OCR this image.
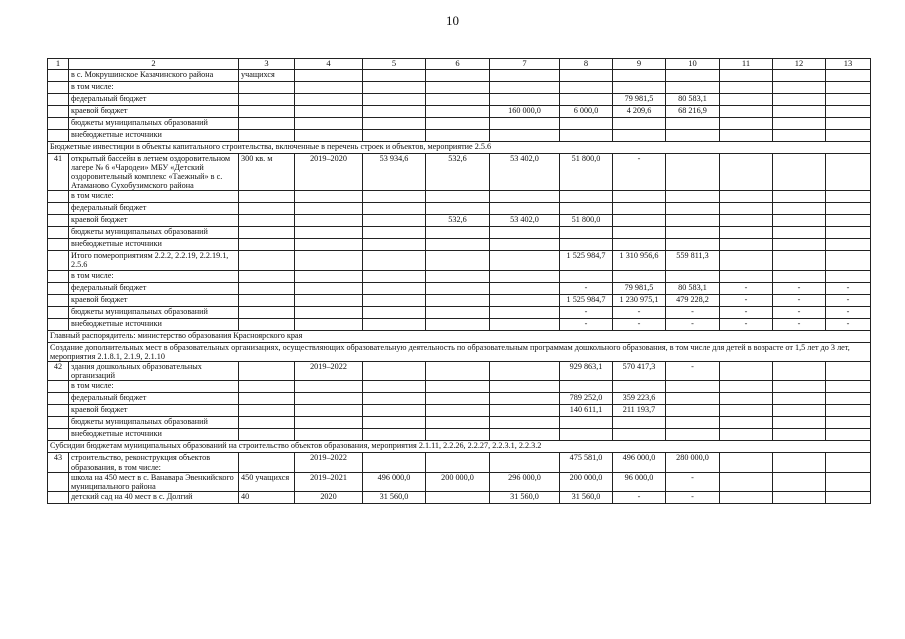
10
1	2	3	4	5	6	7	8	9	10	11	12	13
	в с. Мокрушинское Казачинского района	учащихся										
	в том числе:											
	федеральный бюджет							79 981,5	80 583,1			
	краевой бюджет					160 000,0	6 000,0	4 209,6	68 216,9			
	бюджеты муниципальных образований											
	внебюджетные источники											
Бюджетные инвестиции в объекты капитального строительства, включенные в перечень строек и объектов, мероприятие 2.5.6												
41	открытый бассейн в летнем оздоровительном лагере № 6 «Чародеи» МБУ «Детский оздоровительный комплекс «Таежный» в с. Атаманово Сухобузимского района	300 кв. м	2019–2020	53 934,6	532,6	53 402,0	51 800,0	-				
	в том числе:											
	федеральный бюджет											
	краевой бюджет				532,6	53 402,0	51 800,0					
	бюджеты муниципальных образований											
	внебюджетные источники											
	Итого помероприятиям 2.2.2, 2.2.19, 2.2.19.1, 2.5.6						1 525 984,7	1 310 956,6	559 811,3			
	в том числе:											
	федеральный бюджет						-	79 981,5	80 583,1	-	-	-
	краевой бюджет						1 525 984,7	1 230 975,1	479 228,2	-	-	-
	бюджеты муниципальных образований						-	-	-	-	-	-
	внебюджетные источники						-	-	-	-	-	-
Главный распорядитель: министерство образования Красноярского края												
Создание дополнительных мест в образовательных организациях, осуществляющих образовательную деятельность по образовательным программам дошкольного образования, в том числе для детей в возрасте от 1,5 лет до 3 лет, мероприятия 2.1.8.1, 2.1.9, 2.1.10												
42	здания дошкольных образовательных организаций		2019–2022				929 863,1	570 417,3	-			
	в том числе:											
	федеральный бюджет						789 252,0	359 223,6				
	краевой бюджет						140 611,1	211 193,7				
	бюджеты муниципальных образований											
	внебюджетные источники											
Субсидии бюджетам муниципальных образований на строительство объектов образования, мероприятия 2.1.11, 2.2.26, 2.2.27, 2.2.3.1, 2.2.3.2												
43	строительство, реконструкция объектов образования, в том числе:		2019–2022				475 581,0	496 000,0	280 000,0			
	школа на 450 мест в с. Ванавара Эвенкийского муниципального района	450 учащихся	2019–2021	496 000,0	200 000,0	296 000,0	200 000,0	96 000,0	-			
	детский сад на 40 мест в с. Долгий	40	2020	31 560,0		31 560,0	31 560,0	-	-			
